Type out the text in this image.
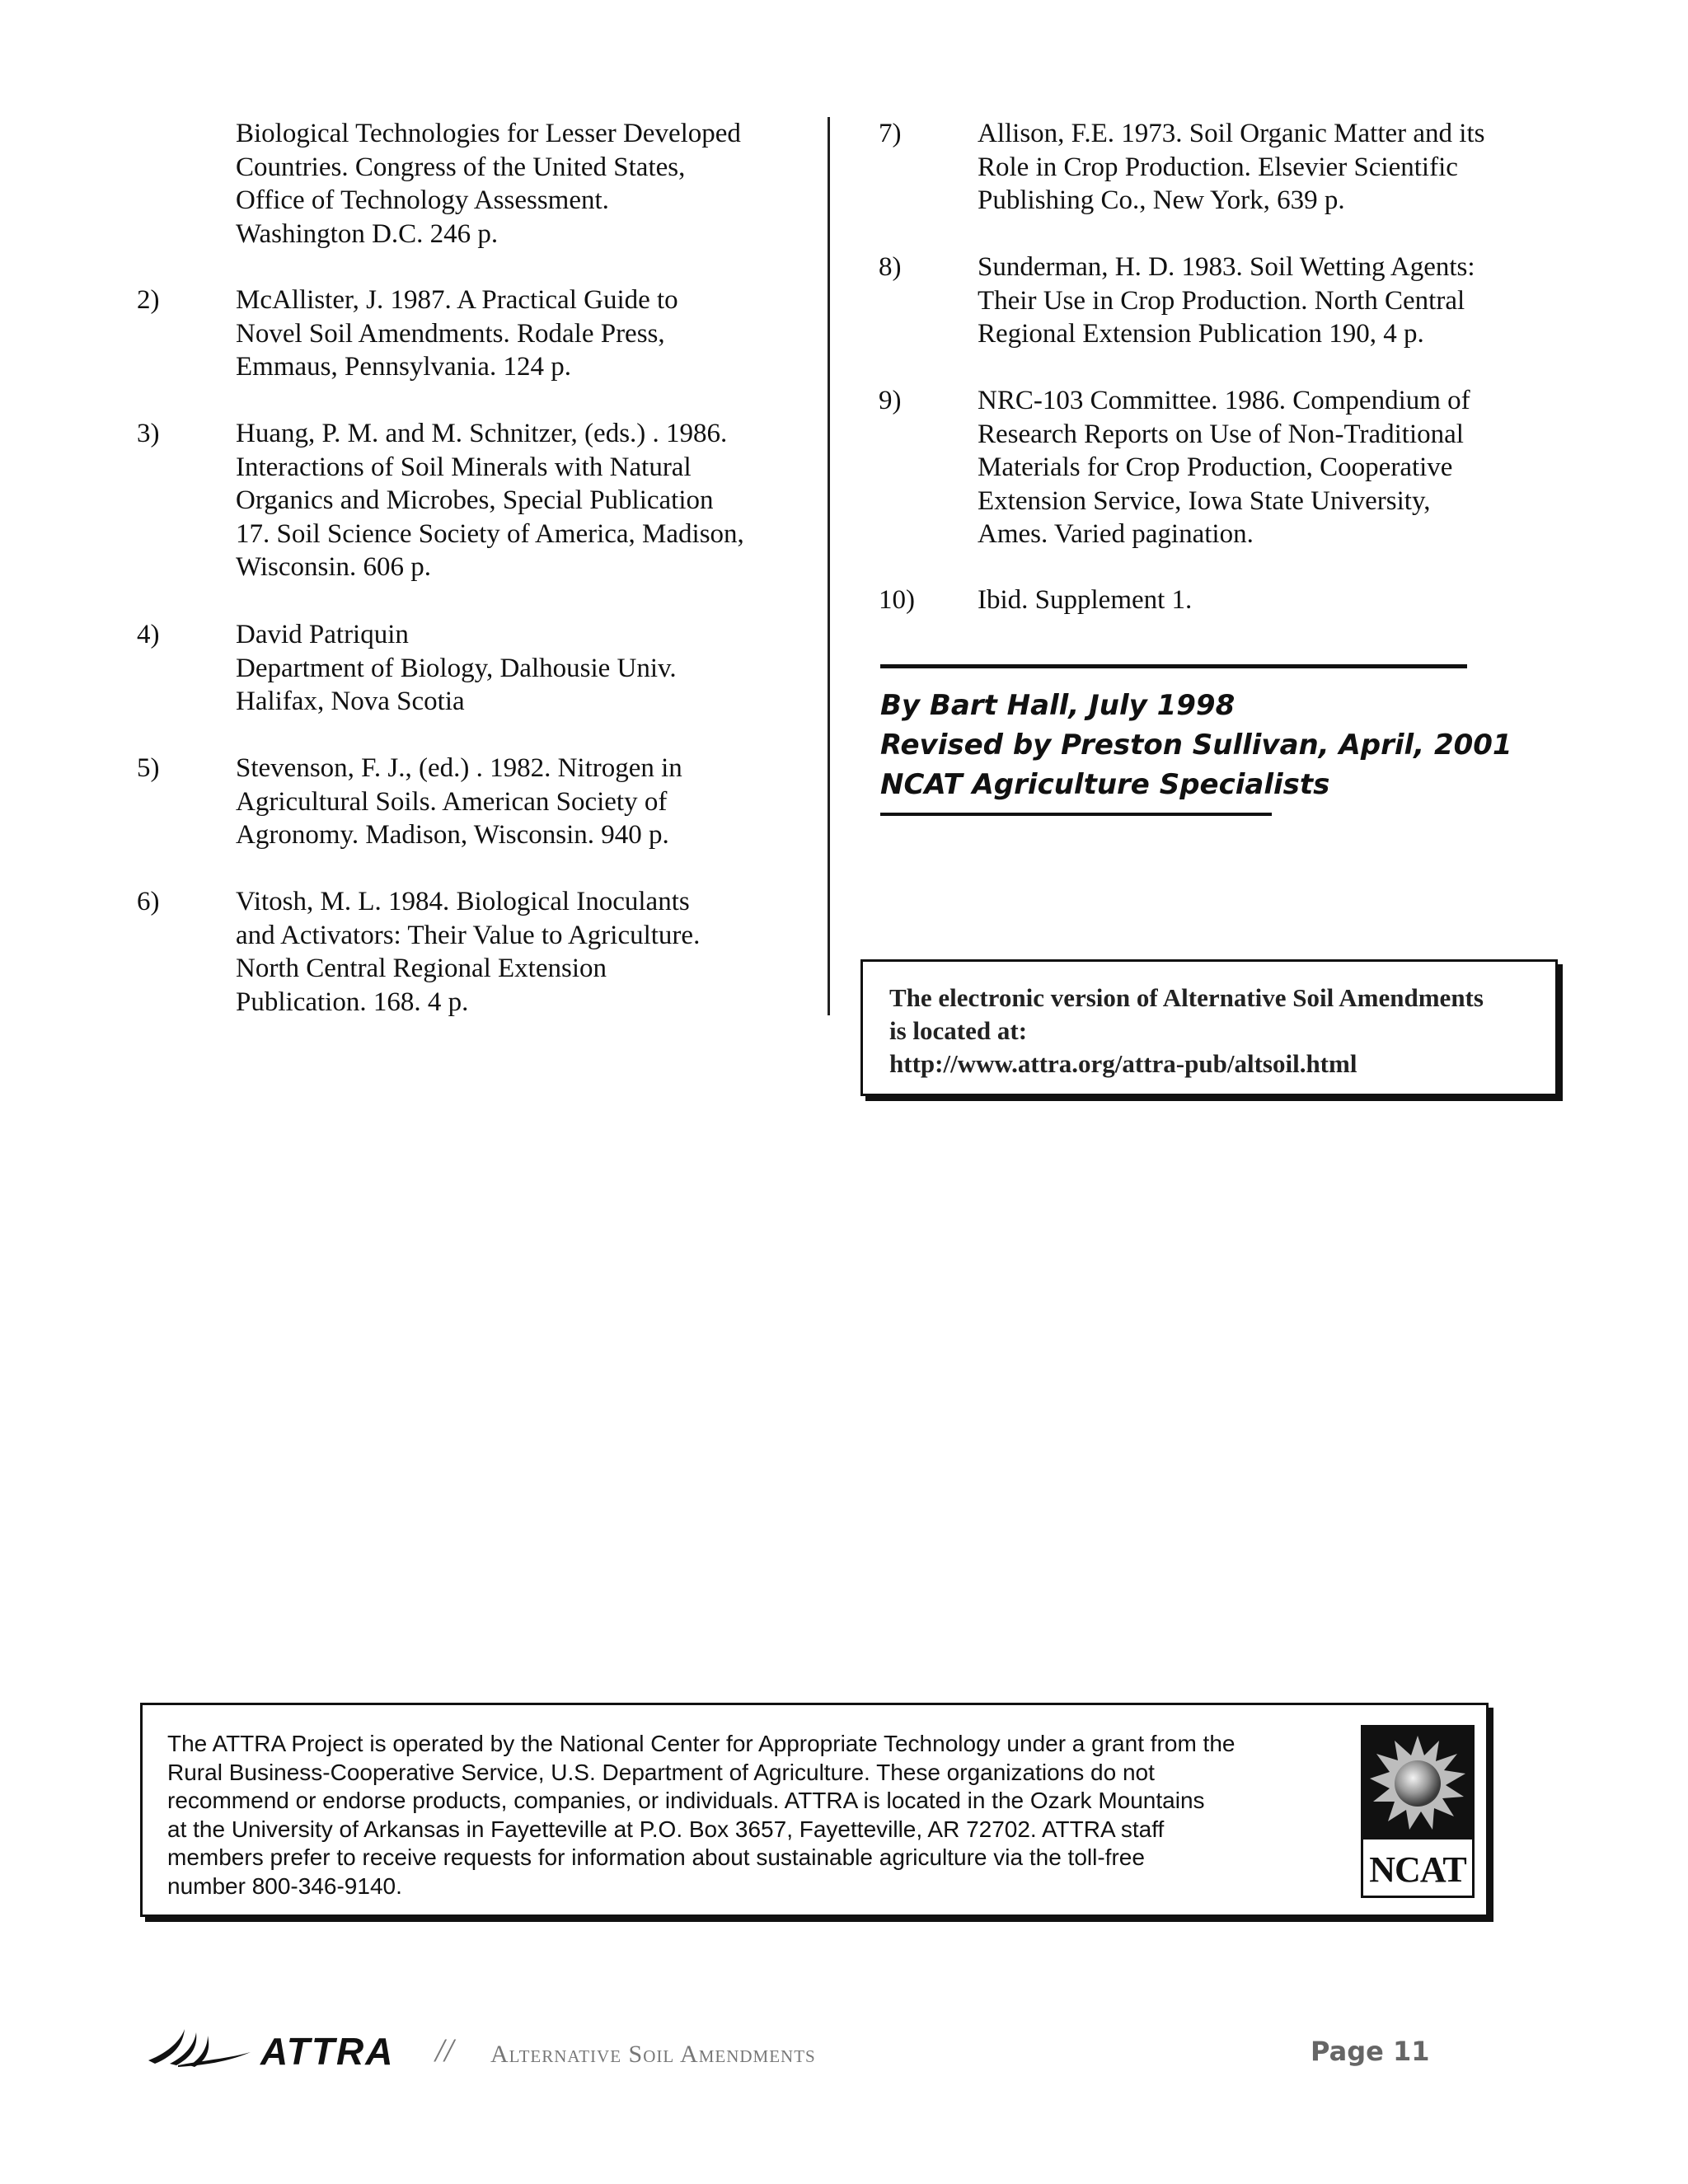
Biological Technologies for Lesser Developed
Countries. Congress of the United States,
Office of Technology Assessment.
Washington D.C. 246 p.
2)	McAllister, J. 1987. A Practical Guide to
Novel Soil Amendments. Rodale Press,
Emmaus, Pennsylvania. 124 p.
3)	Huang, P. M. and M. Schnitzer, (eds.) . 1986.
Interactions of Soil Minerals with Natural
Organics and Microbes, Special Publication
17. Soil Science Society of America, Madison,
Wisconsin. 606 p.
4)	David Patriquin
Department of Biology, Dalhousie Univ.
Halifax, Nova Scotia
5)	Stevenson, F. J., (ed.) . 1982. Nitrogen in
Agricultural Soils. American Society of
Agronomy. Madison, Wisconsin. 940 p.
6)	Vitosh, M. L. 1984. Biological Inoculants
and Activators: Their Value to Agriculture.
North Central Regional Extension
Publication. 168. 4 p.
7)	Allison, F.E. 1973. Soil Organic Matter and its
Role in Crop Production. Elsevier Scientific
Publishing Co., New York, 639 p.
8)	Sunderman, H. D. 1983. Soil Wetting Agents:
Their Use in Crop Production. North Central
Regional Extension Publication 190, 4 p.
9)	NRC-103 Committee. 1986. Compendium of
Research Reports on Use of Non-Traditional
Materials for Crop Production, Cooperative
Extension Service, Iowa State University,
Ames. Varied pagination.
10) Ibid. Supplement 1.
By Bart Hall, July 1998
Revised by Preston Sullivan, April, 2001
NCAT Agriculture Specialists
The electronic version of Alternative Soil Amendments
is located at:
http://www.attra.org/attra-pub/altsoil.html
The ATTRA Project is operated by the National Center for Appropriate Technology under a grant from the
Rural Business-Cooperative Service, U.S. Department of Agriculture. These organizations do not
recommend or endorse products, companies, or individuals. ATTRA is located in the Ozark Mountains
at the University of Arkansas in Fayetteville at P.O. Box 3657, Fayetteville, AR 72702. ATTRA staff
members prefer to receive requests for information about sustainable agriculture via the toll-free
number 800-346-9140.	NCAT
ATTRA // Alternative Soil Amendments	Page 11
